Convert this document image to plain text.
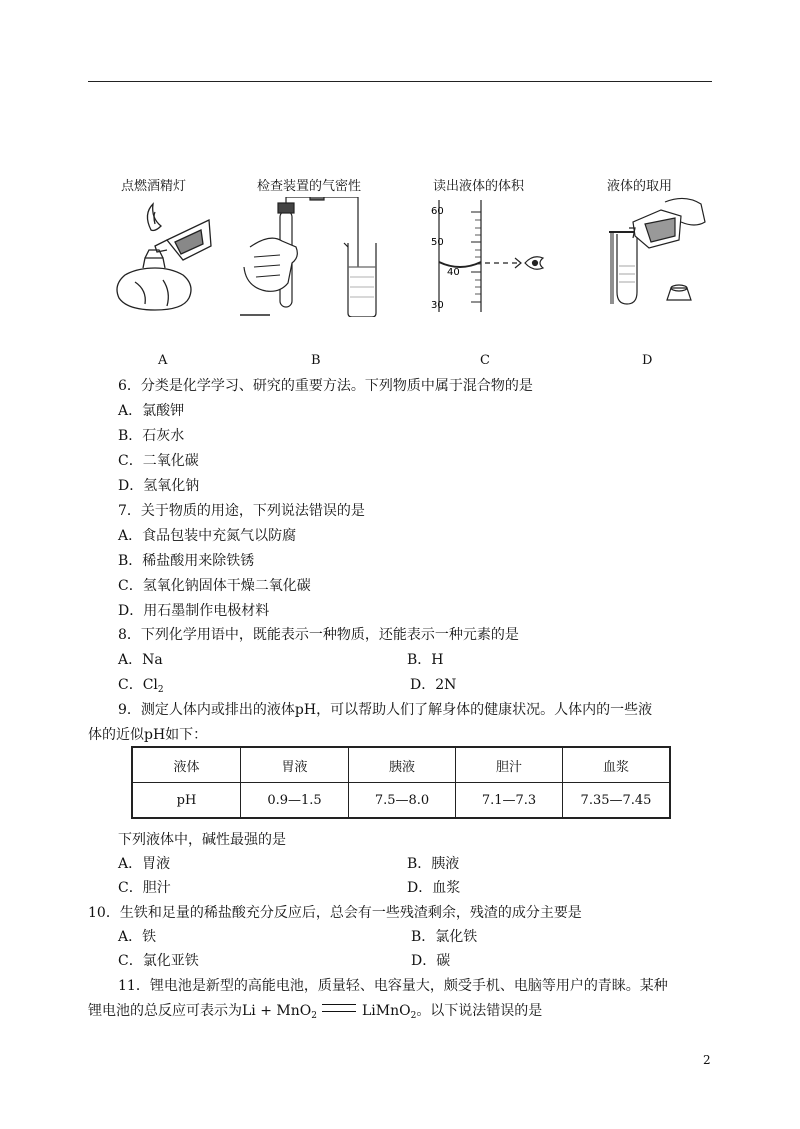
点燃酒精灯	检查装置的气密性	读出液体的体积	液体的取用
60
50
40
30
A	B	C	D
6．分类是化学学习、研究的重要方法。下列物质中属于混合物的是
A．氯酸钾
B．石灰水
C．二氧化碳
D．氢氧化钠
7．关于物质的用途，下列说法错误的是
A．食品包装中充氮气以防腐
B．稀盐酸用来除铁锈
C．氢氧化钠固体干燥二氧化碳
D．用石墨制作电极材料
8．下列化学用语中，既能表示一种物质，还能表示一种元素的是
A．Na	B．H
C．$Cl_2$	D．2N
9．测定人体内或排出的液体pH，可以帮助人们了解身体的健康状况。人体内的一些液
体的近似pH如下：
液体	胃液	胰液	胆汁	血浆
pH	0.9—1.5	7.5—8.0	7.1—7.3	7.35—7.45
下列液体中，碱性最强的是
A．胃液	B．胰液
C．胆汁	D．血浆
10．生铁和足量的稀盐酸充分反应后，总会有一些残渣剩余，残渣的成分主要是
A．铁	B．氯化铁
C．氯化亚铁	D．碳
11．锂电池是新型的高能电池，质量轻、电容量大，颇受手机、电脑等用户的青睐。某种
锂电池的总反应可表示为Li + MnO$_2$	LiMnO$_2$。以下说法错误的是
2
